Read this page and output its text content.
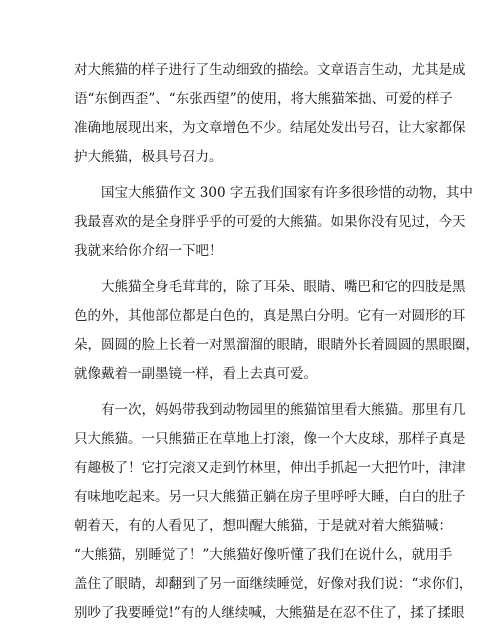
对大熊猫的样子进行了生动细致的描绘。文章语言生动，尤其是成
语“东倒西歪”、“东张西望”的使用，将大熊猫笨拙、可爱的样子
准确地展现出来，为文章增色不少。结尾处发出号召，让大家都保
护大熊猫，极具号召力。
　　国宝大熊猫作文 300 字五我们国家有许多很珍惜的动物，其中
我最喜欢的是全身胖乎乎的可爱的大熊猫。如果你没有见过，今天
我就来给你介绍一下吧！
　　大熊猫全身毛茸茸的，除了耳朵、眼睛、嘴巴和它的四肢是黑
色的外，其他部位都是白色的，真是黑白分明。它有一对圆形的耳
朵，圆圆的脸上长着一对黑溜溜的眼睛，眼睛外长着圆圆的黑眼圈，
就像戴着一副墨镜一样，看上去真可爱。
　　有一次，妈妈带我到动物园里的熊猫馆里看大熊猫。那里有几
只大熊猫。一只熊猫正在草地上打滚，像一个大皮球，那样子真是
有趣极了！它打完滚又走到竹林里，伸出手抓起一大把竹叶，津津
有味地吃起来。另一只大熊猫正躺在房子里呼呼大睡，白白的肚子
朝着天，有的人看见了，想叫醒大熊猫，于是就对着大熊猫喊：
“大熊猫，别睡觉了！”大熊猫好像听懂了我们在说什么，就用手
盖住了眼睛，却翻到了另一面继续睡觉，好像对我们说：“求你们，
别吵了我要睡觉!”有的人继续喊，大熊猫是在忍不住了，揉了揉眼
